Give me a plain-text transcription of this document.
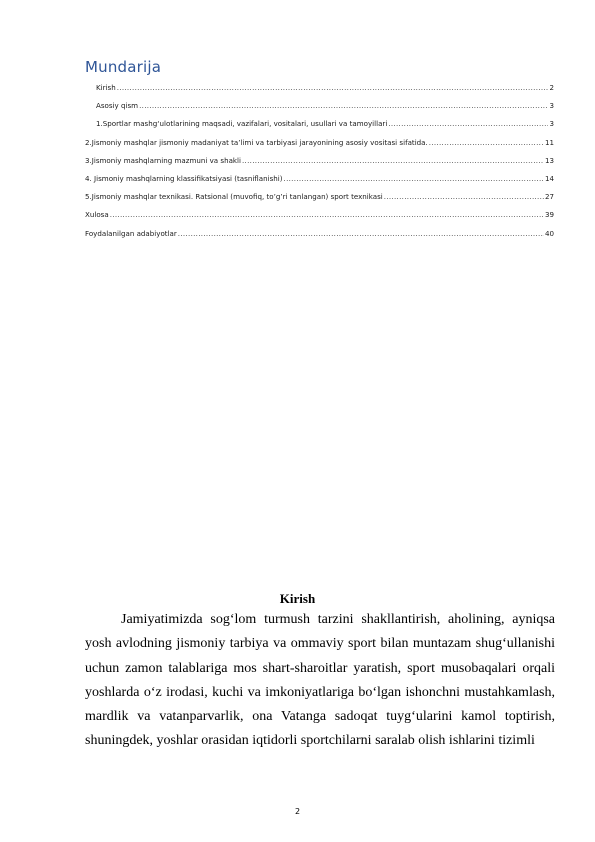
Mundarija
Kirish .....	2
Asosiy qism .....	3
1.Sportlar mashg‘ulotlarining maqsadi, vazifalari, vositalari, usullari va tamoyillari .....	3
2.Jismoniy mashqlar jismoniy madaniyat ta’limi va tarbiyasi jarayonining asosiy vositasi sifatida. .....	11
3.Jismoniy mashqlarning mazmuni va shakli .....	13
4. Jismoniy mashqlarning klassifikatsiyasi (tasniflanishi) .....	14
5.Jismoniy mashqlar texnikasi. Ratsional (muvofiq, to’g’ri tanlangan) sport texnikasi .....	27
Xulosa .....	39
Foydalanilgan adabiyotlar .....	40
Kirish

Jamiyatimizda sog‘lom turmush tarzini shakllantirish, aholining, ayniqsa yosh avlodning jismoniy tarbiya va ommaviy sport bilan muntazam shug‘ullanishi uchun zamon talablariga mos shart-sharoitlar yaratish, sport musobaqalari orqali yoshlarda o‘z irodasi, kuchi va imkoniyatlariga bo‘lgan ishonchni mustahkamlash, mardlik va vatanparvarlik, ona Vatanga sadoqat tuyg‘ularini kamol toptirish, shuningdek, yoshlar orasidan iqtidorli sportchilarni saralab olish ishlarini tizimli

2
